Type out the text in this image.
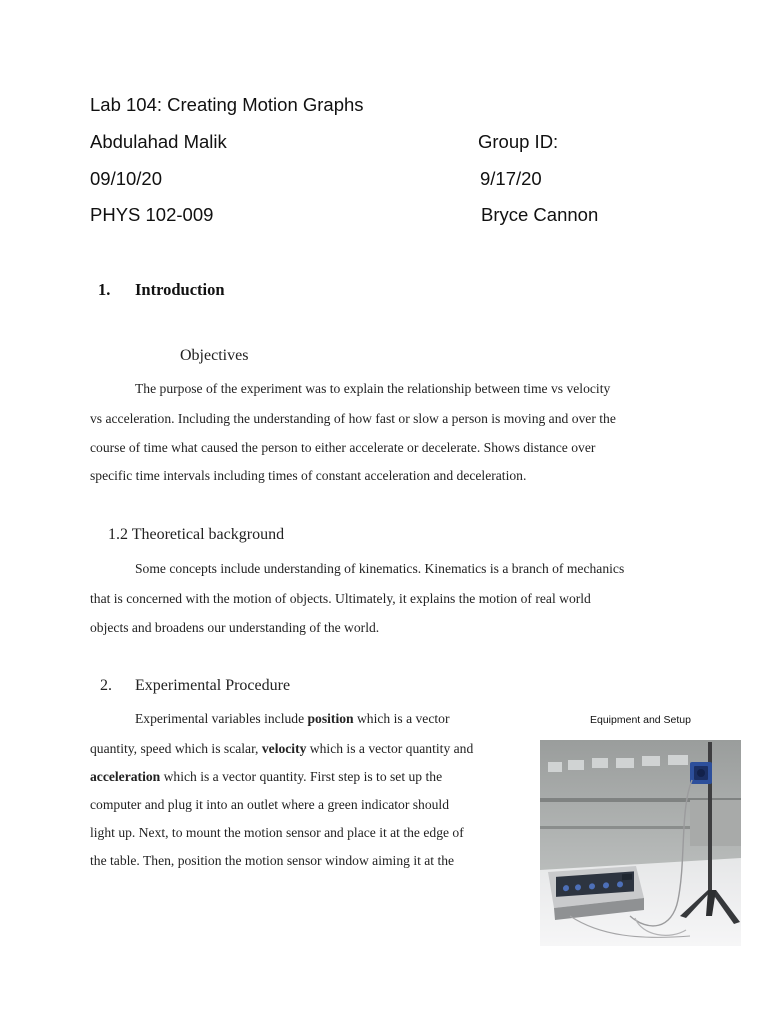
Lab 104: Creating Motion Graphs
Abdulahad Malik	Group ID:
09/10/20	9/17/20
PHYS 102-009	Bryce Cannon
1. Introduction
Objectives
The purpose of the experiment was to explain the relationship between time vs velocity
vs acceleration. Including the understanding of how fast or slow a person is moving and over the
course of time what caused the person to either accelerate or decelerate. Shows distance over
specific time intervals including times of constant acceleration and deceleration.
1.2 Theoretical background
Some concepts include understanding of kinematics. Kinematics is a branch of mechanics
that is concerned with the motion of objects. Ultimately, it explains the motion of real world
objects and broadens our understanding of the world.
2. Experimental Procedure
Experimental variables include position which is a vector
quantity, speed which is scalar, velocity which is a vector quantity and
acceleration which is a vector quantity. First step is to set up the
computer and plug it into an outlet where a green indicator should
light up. Next, to mount the motion sensor and place it at the edge of
the table. Then, position the motion sensor window aiming it at the
Equipment and Setup
